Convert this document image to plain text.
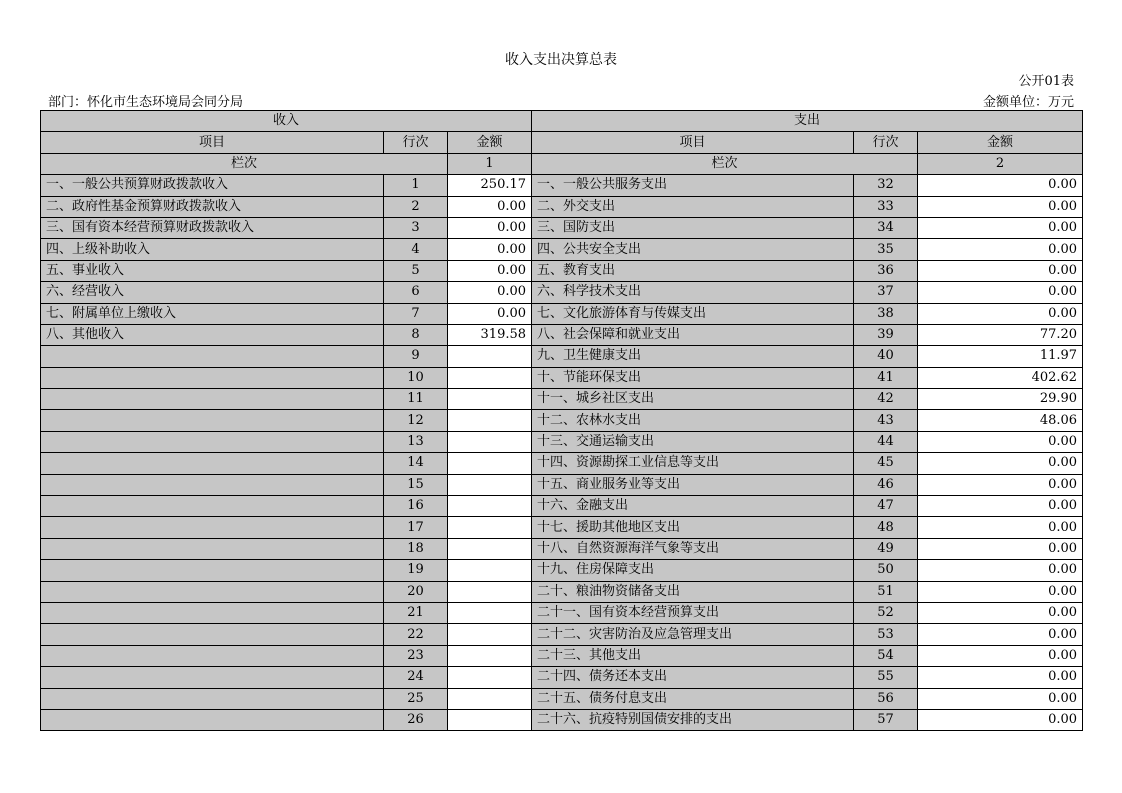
收入支出决算总表
公开01表
部门：怀化市生态环境局会同分局	金额单位：万元
收入			支出		
项目	行次	金额	项目	行次	金额
栏次		1	栏次		2
一、一般公共预算财政拨款收入	1	250.17	一、一般公共服务支出	32	0.00
二、政府性基金预算财政拨款收入	2	0.00	二、外交支出	33	0.00
三、国有资本经营预算财政拨款收入	3	0.00	三、国防支出	34	0.00
四、上级补助收入	4	0.00	四、公共安全支出	35	0.00
五、事业收入	5	0.00	五、教育支出	36	0.00
六、经营收入	6	0.00	六、科学技术支出	37	0.00
七、附属单位上缴收入	7	0.00	七、文化旅游体育与传媒支出	38	0.00
八、其他收入	8	319.58	八、社会保障和就业支出	39	77.20
	9		九、卫生健康支出	40	11.97
	10		十、节能环保支出	41	402.62
	11		十一、城乡社区支出	42	29.90
	12		十二、农林水支出	43	48.06
	13		十三、交通运输支出	44	0.00
	14		十四、资源勘探工业信息等支出	45	0.00
	15		十五、商业服务业等支出	46	0.00
	16		十六、金融支出	47	0.00
	17		十七、援助其他地区支出	48	0.00
	18		十八、自然资源海洋气象等支出	49	0.00
	19		十九、住房保障支出	50	0.00
	20		二十、粮油物资储备支出	51	0.00
	21		二十一、国有资本经营预算支出	52	0.00
	22		二十二、灾害防治及应急管理支出	53	0.00
	23		二十三、其他支出	54	0.00
	24		二十四、债务还本支出	55	0.00
	25		二十五、债务付息支出	56	0.00
	26		二十六、抗疫特别国债安排的支出	57	0.00
